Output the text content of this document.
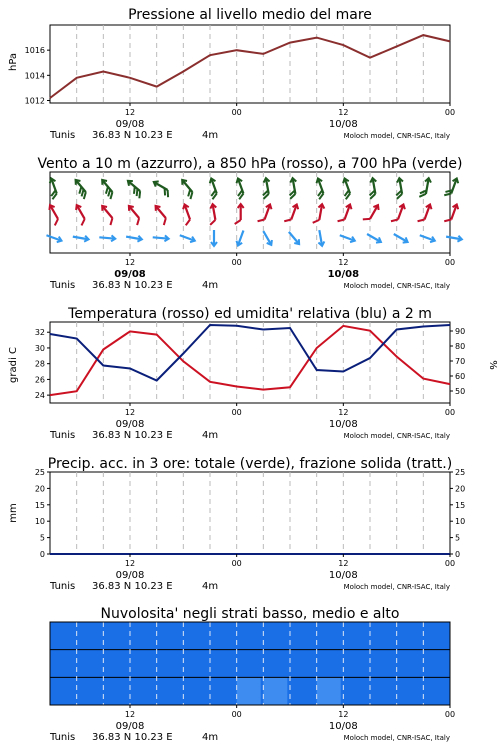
Pressione al livello medio del mare
hPa
1012
1014
1016
12	00	12	00
09/08	10/08
Tunis 36.83 N 10.23 E	4m	Moloch model, CNR-ISAC, Italy
Vento a 10 m (azzurro), a 850 hPa (rosso), a 700 hPa (verde)
12	00	12	00
09/08	10/08
Tunis 36.83 N 10.23 E	4m	Moloch model, CNR-ISAC, Italy
Temperatura (rosso) ed umidita' relativa (blu) a 2 m
gradi C	%
24
26
28
30
32
50
60
70
80
90
12	00	12	00
09/08	10/08
Tunis 36.83 N 10.23 E	4m	Moloch model, CNR-ISAC, Italy
Precip. acc. in 3 ore: totale (verde), frazione solida (tratt.)
mm
0
5
10
15
20
25
0
5
10
15
20
25
12	00	12	00
09/08	10/08
Tunis 36.83 N 10.23 E	4m	Moloch model, CNR-ISAC, Italy
Nuvolosita' negli strati basso, medio e alto
12	00	12	00
09/08	10/08
Tunis 36.83 N 10.23 E	4m	Moloch model, CNR-ISAC, Italy
